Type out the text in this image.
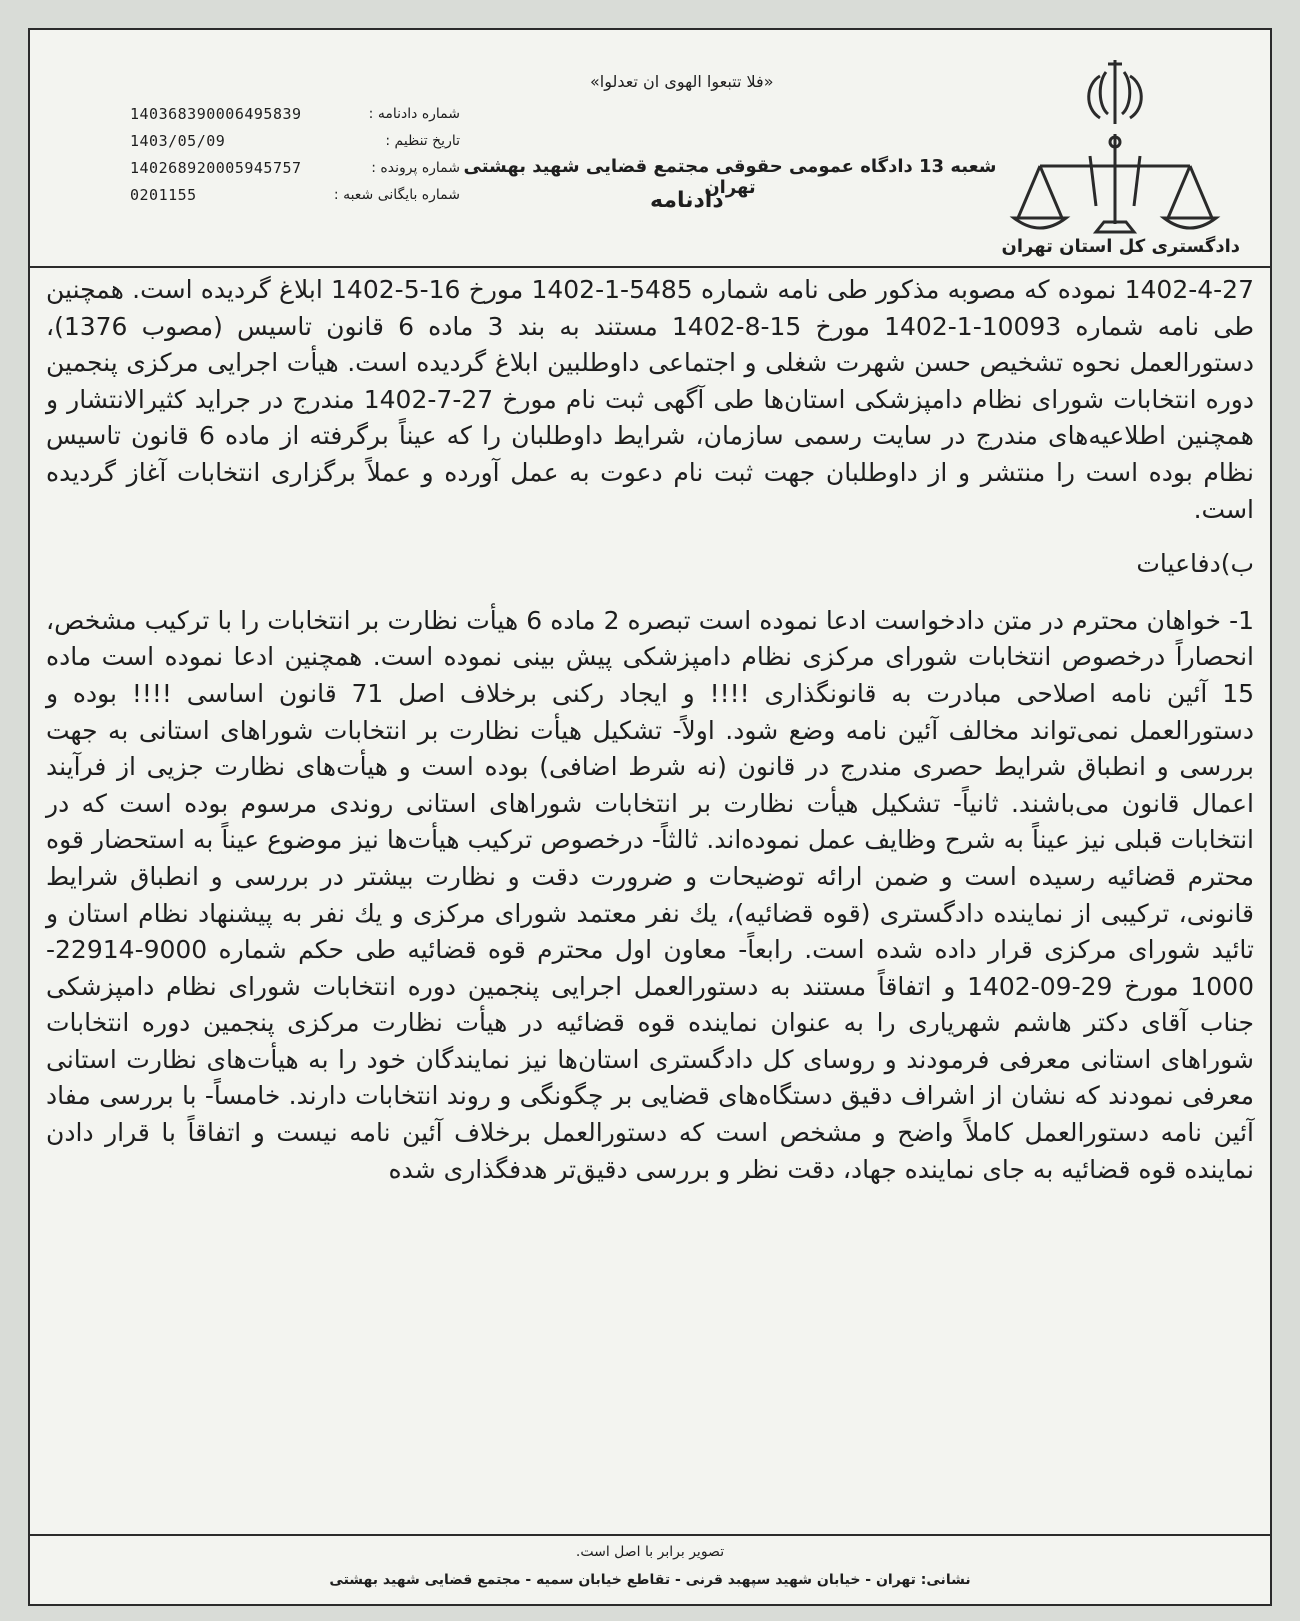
دادگستری کل استان تهران
«فلا تتبعوا الهوى ان تعدلوا»
شعبه 13 دادگاه عمومی حقوقی مجتمع قضایی شهید بهشتی تهران
دادنامه
شماره دادنامه :
140368390006495839
تاریخ تنظیم :
1403/05/09
شماره پرونده :
140268920005945757
شماره بایگانی شعبه :
0201155

1402-4-27 نموده که مصوبه مذکور طی نامه شماره 5485-1-1402 مورخ 16-5-1402 ابلاغ گردیده است. همچنین طی نامه شماره 10093-1-1402 مورخ 15-8-1402 مستند به بند 3 ماده 6 قانون تاسیس (مصوب 1376)، دستورالعمل نحوه تشخیص حسن شهرت شغلی و اجتماعی داوطلبین ابلاغ گردیده است. هیأت اجرایی مرکزی پنجمین دوره انتخابات شورای نظام دامپزشکی استان‌ها طی آگهی ثبت نام مورخ 27-7-1402 مندرج در جراید کثیرالانتشار و همچنین اطلاعیه‌های مندرج در سایت رسمی سازمان، شرایط داوطلبان را که عیناً برگرفته از ماده 6 قانون تاسیس نظام بوده است را منتشر و از داوطلبان جهت ثبت نام دعوت به عمل آورده و عملاً برگزاری انتخابات آغاز گردیده است.

ب)دفاعیات

1- خواهان محترم در متن دادخواست ادعا نموده است تبصره 2 ماده 6 هیأت نظارت بر انتخابات را با ترکیب مشخص، انحصاراً درخصوص انتخابات شورای مرکزی نظام دامپزشکی پیش بینی نموده است. همچنین ادعا نموده است ماده 15 آئین نامه اصلاحی مبادرت به قانونگذاری !!!! و ایجاد رکنی برخلاف اصل 71 قانون اساسی !!!! بوده و دستورالعمل نمی‌تواند مخالف آئین نامه وضع شود. اولاً- تشکیل هیأت نظارت بر انتخابات شوراهای استانی به جهت بررسی و انطباق شرایط حصری مندرج در قانون (نه شرط اضافی) بوده است و هیأت‌های نظارت جزیی از فرآیند اعمال قانون می‌باشند. ثانیاً- تشکیل هیأت نظارت بر انتخابات شوراهای استانی روندی مرسوم بوده است که در انتخابات قبلی نیز عیناً به شرح وظایف عمل نموده‌اند. ثالثاً- درخصوص ترکیب هیأت‌ها نیز موضوع عیناً به استحضار قوه محترم قضائیه رسیده است و ضمن ارائه توضیحات و ضرورت دقت و نظارت بیشتر در بررسی و انطباق شرایط قانونی، ترکیبی از نماینده دادگستری (قوه قضائیه)، یك نفر معتمد شورای مرکزی و یك نفر به پیشنهاد نظام استان و تائید شورای مرکزی قرار داده شده است. رابعاً- معاون اول محترم قوه قضائیه طی حکم شماره 9000-22914-1000 مورخ 29-09-1402 و اتفاقاً مستند به دستورالعمل اجرایی پنجمین دوره انتخابات شورای نظام دامپزشکی جناب آقای دکتر هاشم شهریاری را به عنوان نماینده قوه قضائیه در هیأت نظارت مرکزی پنجمین دوره انتخابات شوراهای استانی معرفی فرمودند و روسای کل دادگستری استان‌ها نیز نمایندگان خود را به هیأت‌های نظارت استانی معرفی نمودند که نشان از اشراف دقیق دستگاه‌های قضایی بر چگونگی و روند انتخابات دارند. خامساً- با بررسی مفاد آئین نامه دستورالعمل کاملاً واضح و مشخص است که دستورالعمل برخلاف آئین نامه نیست و اتفاقاً با قرار دادن نماینده قوه قضائیه به جای نماینده جهاد، دقت نظر و بررسی دقیق‌تر هدفگذاری شده

تصویر برابر با اصل است.
نشانی: تهران - خیابان شهید سپهبد قرنی - تقاطع خیابان سمیه - مجتمع قضایی شهید بهشتی
